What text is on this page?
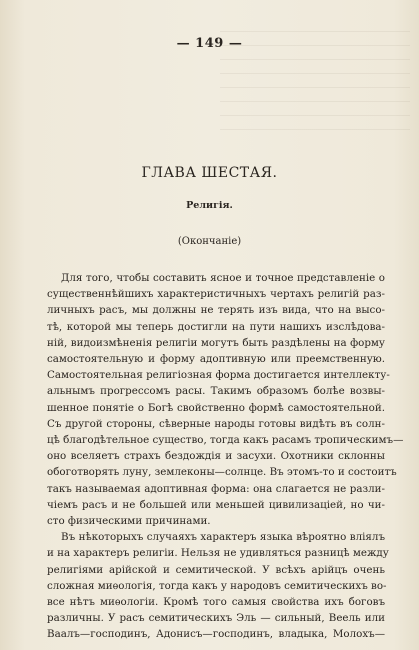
— 149 —
ГЛАВА ШЕСТАЯ.
Религія.
(Окончаніе)
Для того, чтобы составить ясное и точное представленіе о
существеннѣйшихъ характеристичныхъ чертахъ религій раз-
личныхъ расъ, мы должны не терять изъ вида, что на высо-
тѣ, которой мы теперь достигли на пути нашихъ изслѣдова-
ній, видоизмѣненія религіи могутъ быть раздѣлены на форму
самостоятельную и форму адоптивную или преемственную.
Самостоятельная религіозная форма достигается интеллекту-
альнымъ прогрессомъ расы. Такимъ образомъ болѣе возвы-
шенное понятіе о Богѣ свойственно формѣ самостоятельной.
Съ другой стороны, сѣверные народы готовы видѣть въ солн-
цѣ благодѣтельное существо, тогда какъ расамъ тропическимъ—
оно вселяетъ страхъ бездождія и засухи. Охотники склонны
обоготворять луну, землеконы—солнце. Въ этомъ-то и состоитъ
такъ называемая адоптивная форма: она слагается не разли-
чіемъ расъ и не большей или меньшей цивилизаціей, но чи-
сто физическими причинами.
Въ нѣкоторыхъ случаяхъ характеръ языка вѣроятно вліялъ
и на характеръ религіи. Нельзя не удивляться разницѣ между
религіями арійской и семитической. У всѣхъ арійцъ очень
сложная миѳологія, тогда какъ у народовъ семитическихъ во-
все нѣтъ миѳологіи. Кромѣ того самыя свойства ихъ боговъ
различны. У расъ семитическихъ Эль — сильный, Веель или
Ваалъ—господинъ, Адонисъ—господинъ, владыка, Молохъ—
